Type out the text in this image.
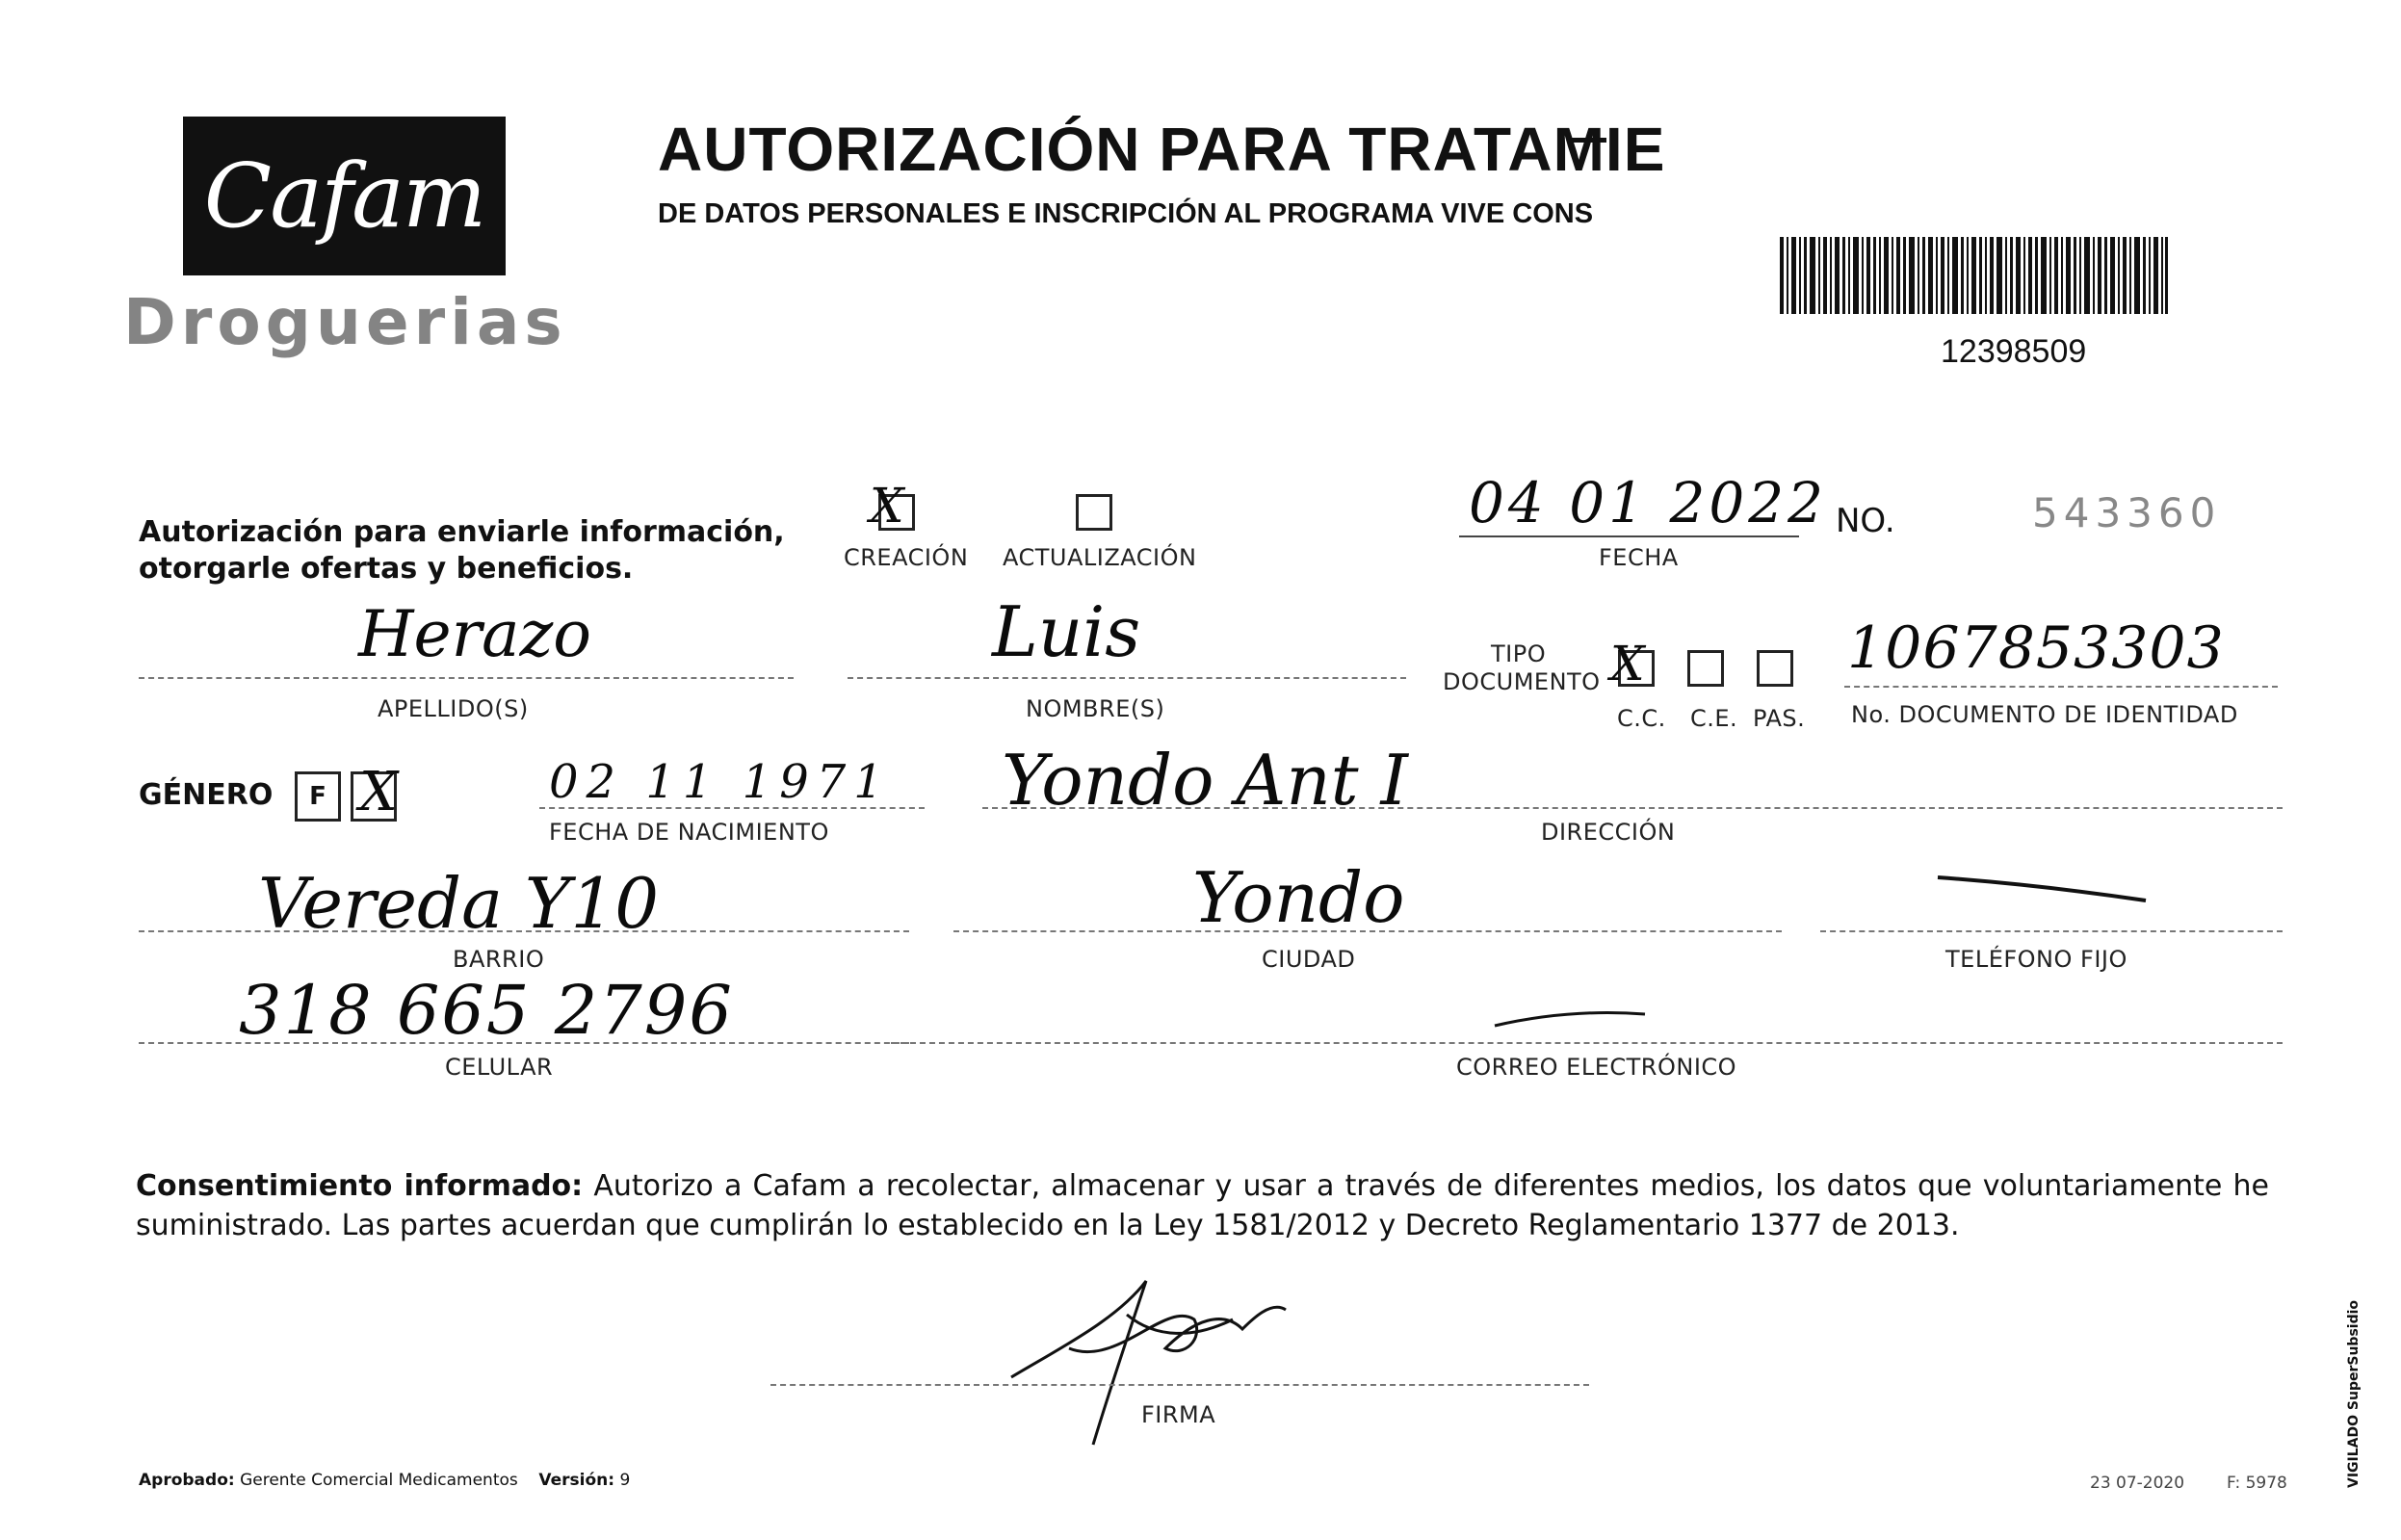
Cafam
Droguerias
AUTORIZACIÓN PARA TRATAMIE
DE DATOS PERSONALES E INSCRIPCIÓN AL PROGRAMA VIVE CONS
12398509
Autorización para enviarle información,
otorgarle ofertas y beneficios.
X
CREACIÓN ACTUALIZACIÓN
04 01 2022
FECHA
NO.	543360
Herazo
APELLIDO(S)
Luis
NOMBRE(S)
TIPO
DOCUMENTO X
C.C. C.E. PAS.
1067853303
No. DOCUMENTO DE IDENTIDAD
GÉNERO F X	02 11 1971
FECHA DE NACIMIENTO
Yondo Ant I
DIRECCIÓN
Vereda Y10
BARRIO
Yondo
CIUDAD	TELÉFONO FIJO
318 665 2796
CELULAR	CORREO ELECTRÓNICO
Consentimiento informado: Autorizo a Cafam a recolectar, almacenar y usar a través de diferentes medios, los datos que voluntariamente he suministrado. Las partes acuerdan que cumplirán lo establecido en la Ley 1581/2012 y Decreto Reglamentario 1377 de 2013.
FIRMA
Aprobado: Gerente Comercial Medicamentos Versión: 9	23 07-2020	F: 5978	VIGILADO SuperSubsidio
